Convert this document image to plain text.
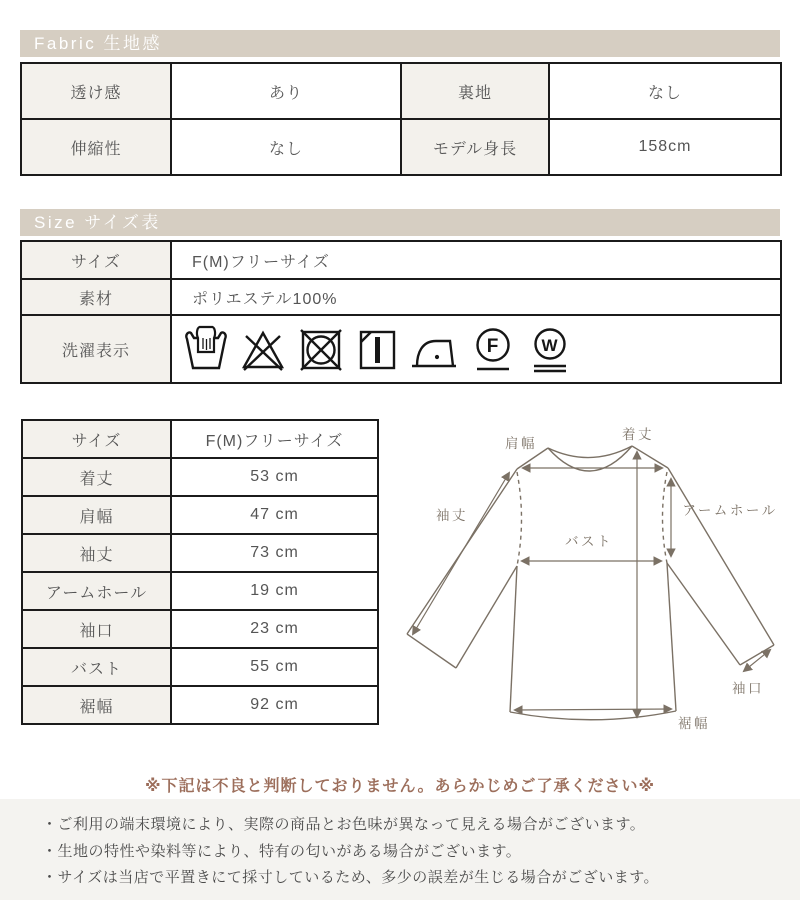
Fabric 生地感
透け感	あり	裏地	なし
伸縮性	なし	モデル身長	158cm
Size サイズ表
サイズ	F(M)フリーサイズ
素材	ポリエステル100%
洗濯表示	F W
サイズ	F(M)フリーサイズ
着丈	53 cm
肩幅	47 cm
袖丈	73 cm
アームホール	19 cm
袖口	23 cm
バスト	55 cm
裾幅	92 cm
着丈
肩幅
袖丈
バスト
アームホール
袖口
裾幅
※下記は不良と判断しておりません。あらかじめご了承ください※
・ご利用の端末環境により、実際の商品とお色味が異なって見える場合がございます。
・生地の特性や染料等により、特有の匂いがある場合がございます。
・サイズは当店で平置きにて採寸しているため、多少の誤差が生じる場合がございます。
